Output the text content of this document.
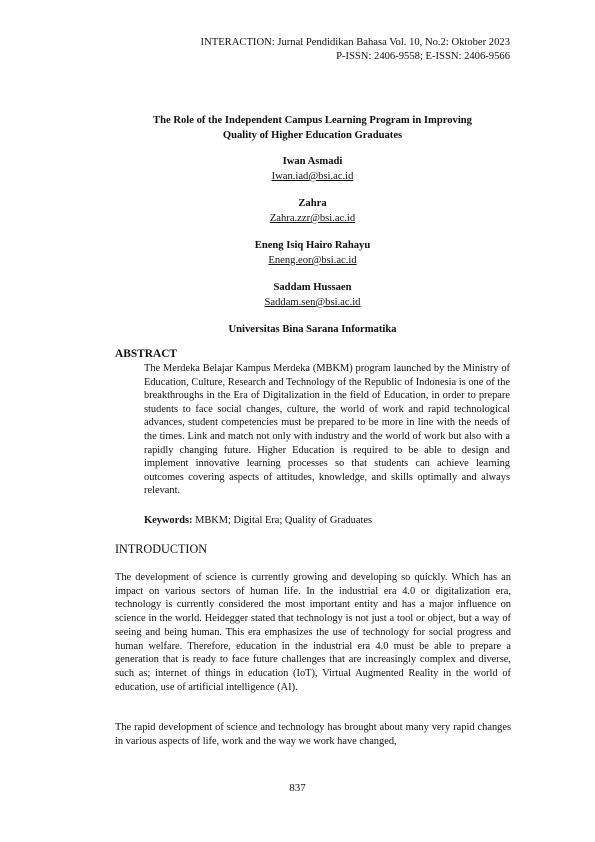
INTERACTION: Jurnal Pendidikan Bahasa Vol. 10, No.2: Oktober 2023
P-ISSN: 2406-9558; E-ISSN: 2406-9566
The Role of the Independent Campus Learning Program in Improving
Quality of Higher Education Graduates
Iwan Asmadi
Iwan.iad@bsi.ac.id
Zahra
Zahra.zzr@bsi.ac.id
Eneng Isiq Hairo Rahayu
Eneng.eor@bsi.ac.id
Saddam Hussaen
Saddam.sen@bsi.ac.id
Universitas Bina Sarana Informatika
ABSTRACT
The Merdeka Belajar Kampus Merdeka (MBKM) program launched by the Ministry of Education, Culture, Research and Technology of the Republic of Indonesia is one of the breakthroughs in the Era of Digitalization in the field of Education, in order to prepare students to face social changes, culture, the world of work and rapid technological advances, student competencies must be prepared to be more in line with the needs of the times. Link and match not only with industry and the world of work but also with a rapidly changing future. Higher Education is required to be able to design and implement innovative learning processes so that students can achieve learning outcomes covering aspects of attitudes, knowledge, and skills optimally and always relevant.
Keywords: MBKM; Digital Era; Quality of Graduates
INTRODUCTION
The development of science is currently growing and developing so quickly. Which has an impact on various sectors of human life. In the industrial era 4.0 or digitalization era, technology is currently considered the most important entity and has a major influence on science in the world. Heidegger stated that technology is not just a tool or object, but a way of seeing and being human. This era emphasizes the use of technology for social progress and human welfare. Therefore, education in the industrial era 4.0 must be able to prepare a generation that is ready to face future challenges that are increasingly complex and diverse, such as; internet of things in education (IoT), Virtual Augmented Reality in the world of education, use of artificial intelligence (AI).
The rapid development of science and technology has brought about many very rapid changes in various aspects of life, work and the way we work have changed,
837
